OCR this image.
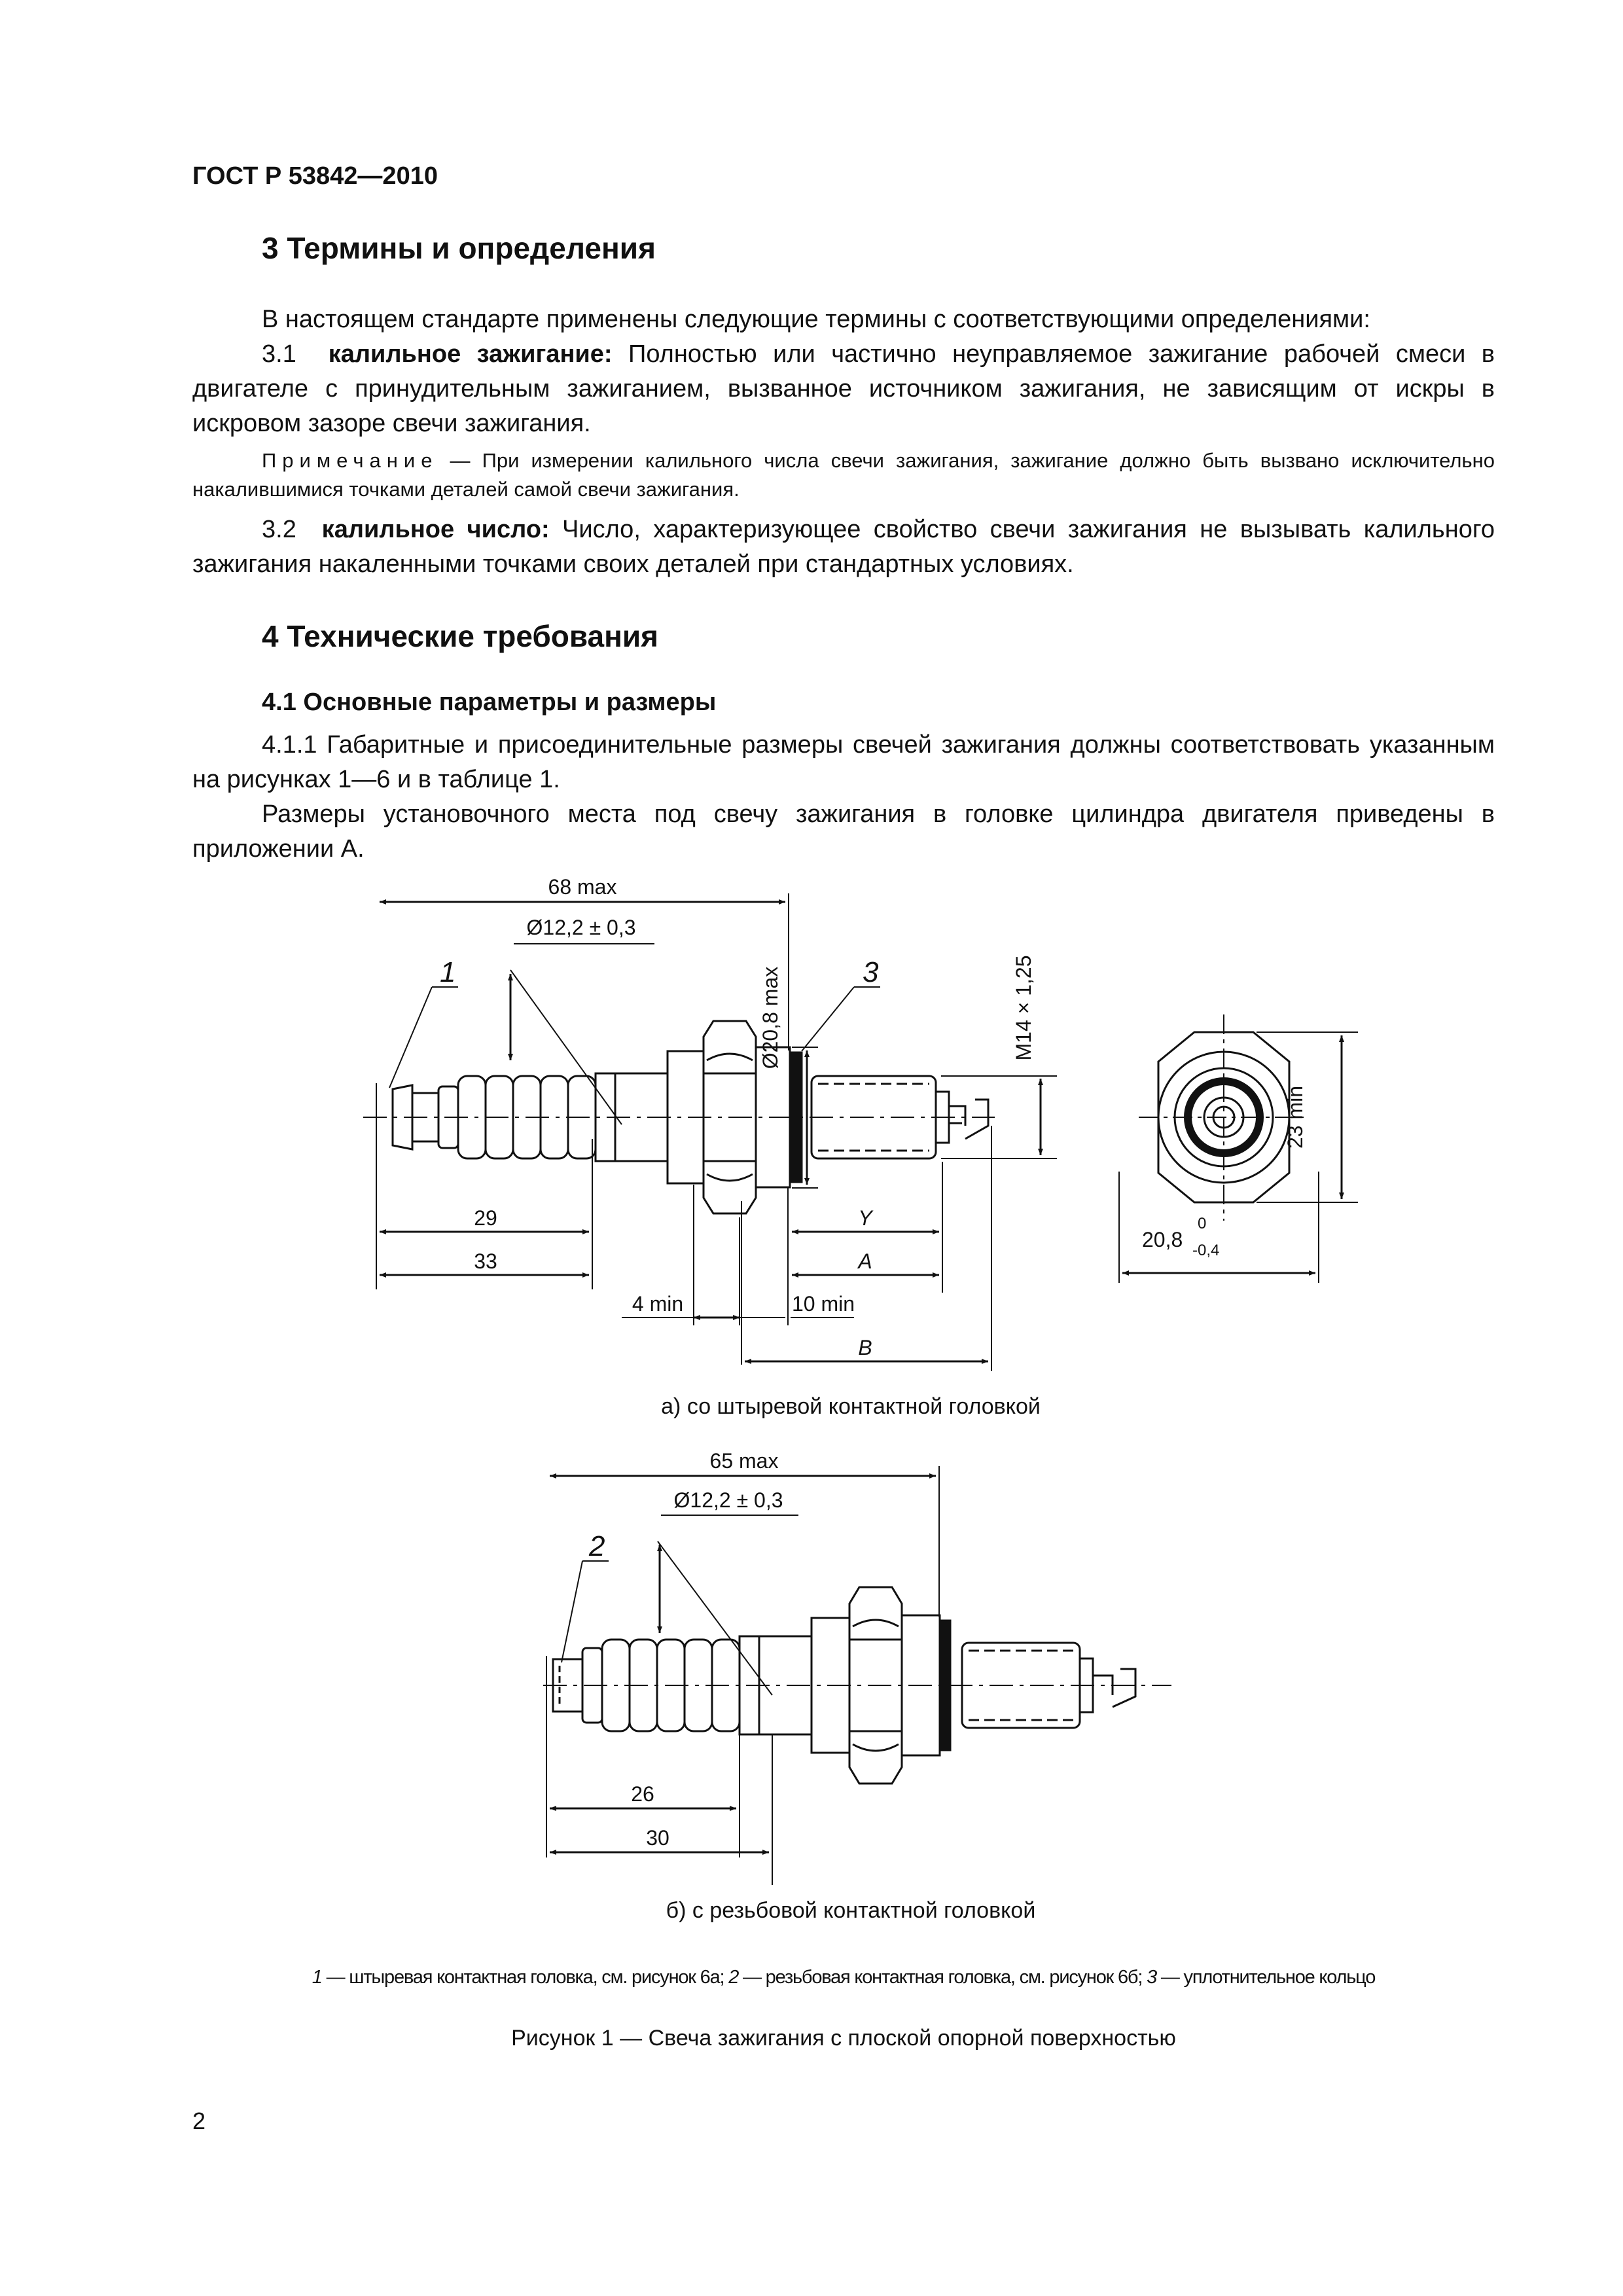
ГОСТ Р 53842—2010
3 Термины и определения
В настоящем стандарте применены следующие термины с соответствующими определениями:
3.1 калильное зажигание: Полностью или частично неуправляемое зажигание рабочей смеси в двигателе с принудительным зажиганием, вызванное источником зажигания, не зависящим от искры в искровом зазоре свечи зажигания.
Примечание — При измерении калильного числа свечи зажигания, зажигание должно быть вызвано исключительно накалившимися точками деталей самой свечи зажигания.
3.2 калильное число: Число, характеризующее свойство свечи зажигания не вызывать калильного зажигания накаленными точками своих деталей при стандартных условиях.
4 Технические требования
4.1 Основные параметры и размеры
4.1.1 Габаритные и присоединительные размеры свечей зажигания должны соответствовать указанным на рисунках 1—6 и в таблице 1.
Размеры установочного места под свечу зажигания в головке цилиндра двигателя приведены в приложении А.
68 max
Ø12,2 ± 0,3
Ø20,8 max	M14 × 1,25
29
33
4 min	10 min
Y
A
B
23 min
20,8
0
-0,4
1	3
65 max
Ø12,2 ± 0,3
26
30
2
а) со штыревой контактной головкой
б) с резьбовой контактной головкой
1 — штыревая контактная головка, см. рисунок 6а; 2 — резьбовая контактная головка, см. рисунок 6б; 3 — уплотнительное кольцо
Рисунок 1 — Свеча зажигания с плоской опорной поверхностью
2
